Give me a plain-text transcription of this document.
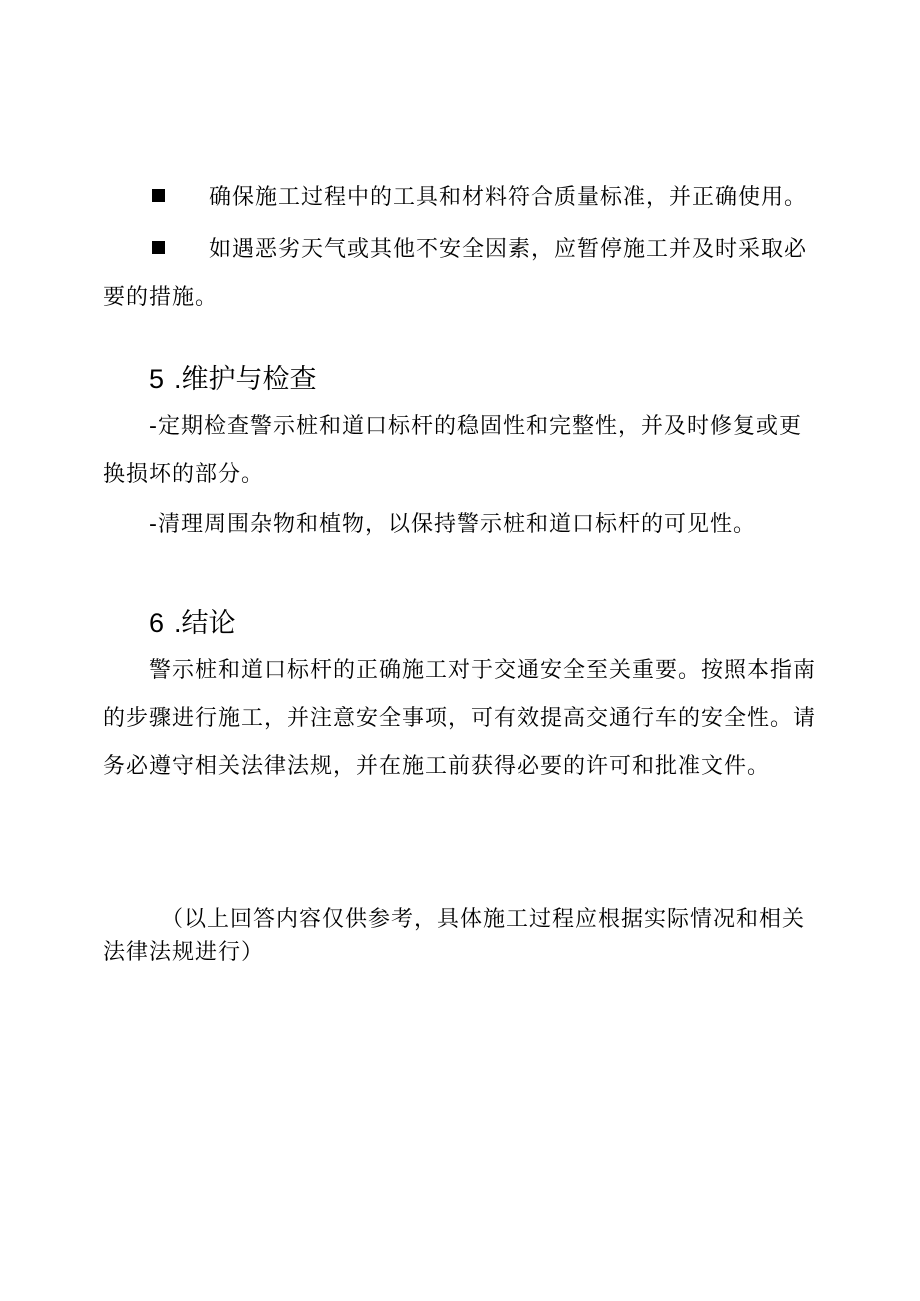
确保施工过程中的工具和材料符合质量标准，并正确使用。
如遇恶劣天气或其他不安全因素，应暂停施工并及时采取必要的措施。
5 .维护与检查
-定期检查警示桩和道口标杆的稳固性和完整性，并及时修复或更换损坏的部分。
-清理周围杂物和植物，以保持警示桩和道口标杆的可见性。
6 .结论
警示桩和道口标杆的正确施工对于交通安全至关重要。按照本指南的步骤进行施工，并注意安全事项，可有效提高交通行车的安全性。请务必遵守相关法律法规，并在施工前获得必要的许可和批准文件。
（以上回答内容仅供参考，具体施工过程应根据实际情况和相关法律法规进行）
